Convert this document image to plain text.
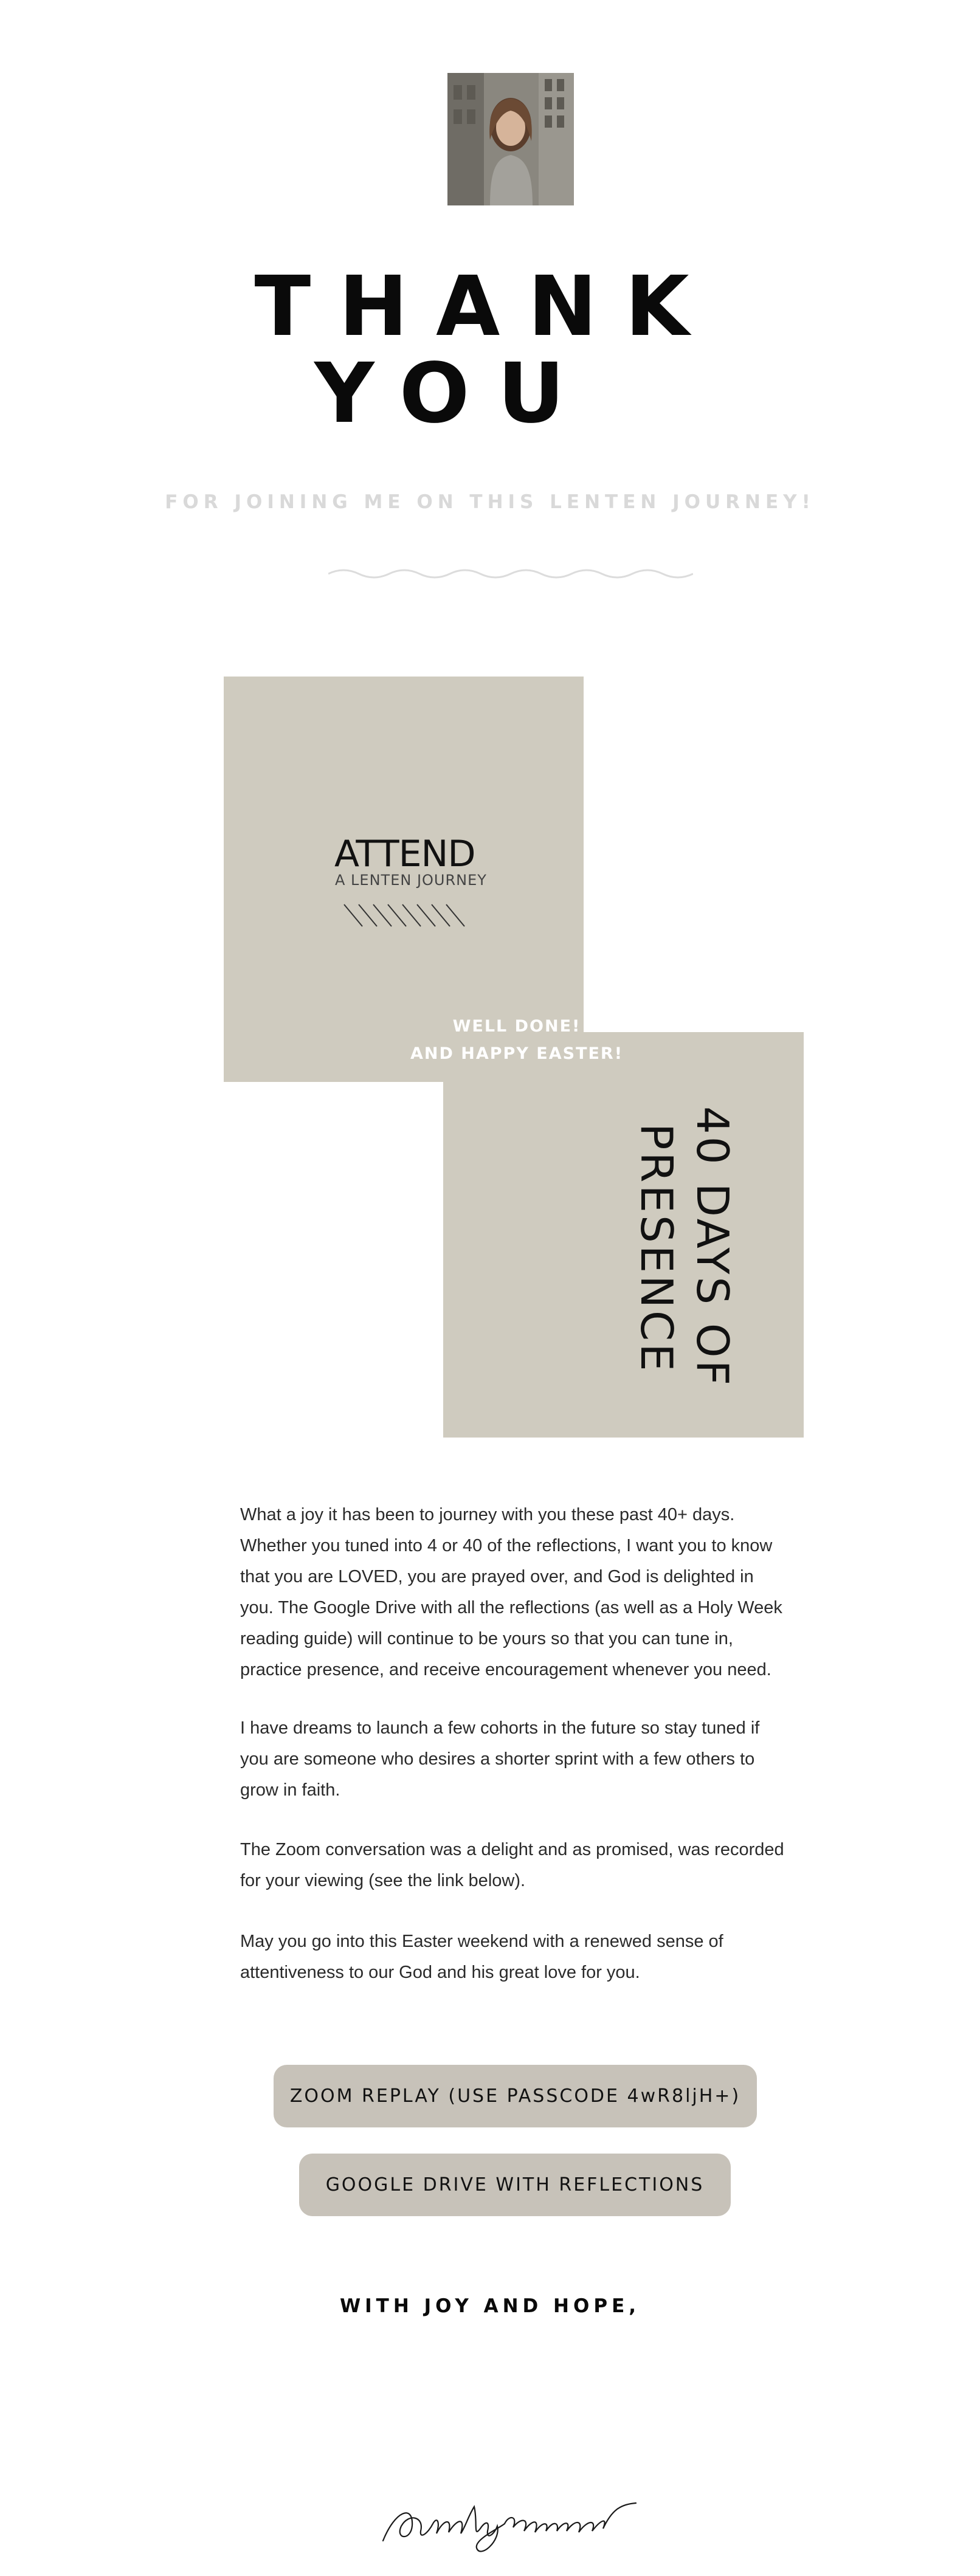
THANK
YOU
FOR JOINING ME ON THIS LENTEN JOURNEY!
ATTEND
A LENTEN JOURNEY
WELL DONE!
AND HAPPY EASTER!
40 DAYS OF
PRESENCE

What a joy it has been to journey with you these past 40+ days. Whether you tuned into 4 or 40 of the reflections, I want you to know that you are LOVED, you are prayed over, and God is delighted in you. The Google Drive with all the reflections (as well as a Holy Week reading guide) will continue to be yours so that you can tune in, practice presence, and receive encouragement whenever you need.

I have dreams to launch a few cohorts in the future so stay tuned if you are someone who desires a shorter sprint with a few others to grow in faith.

The Zoom conversation was a delight and as promised, was recorded for your viewing (see the link below).

May you go into this Easter weekend with a renewed sense of attentiveness to our God and his great love for you.

ZOOM REPLAY (USE PASSCODE 4wR8ljH+)
GOOGLE DRIVE WITH REFLECTIONS
WITH JOY AND HOPE,
